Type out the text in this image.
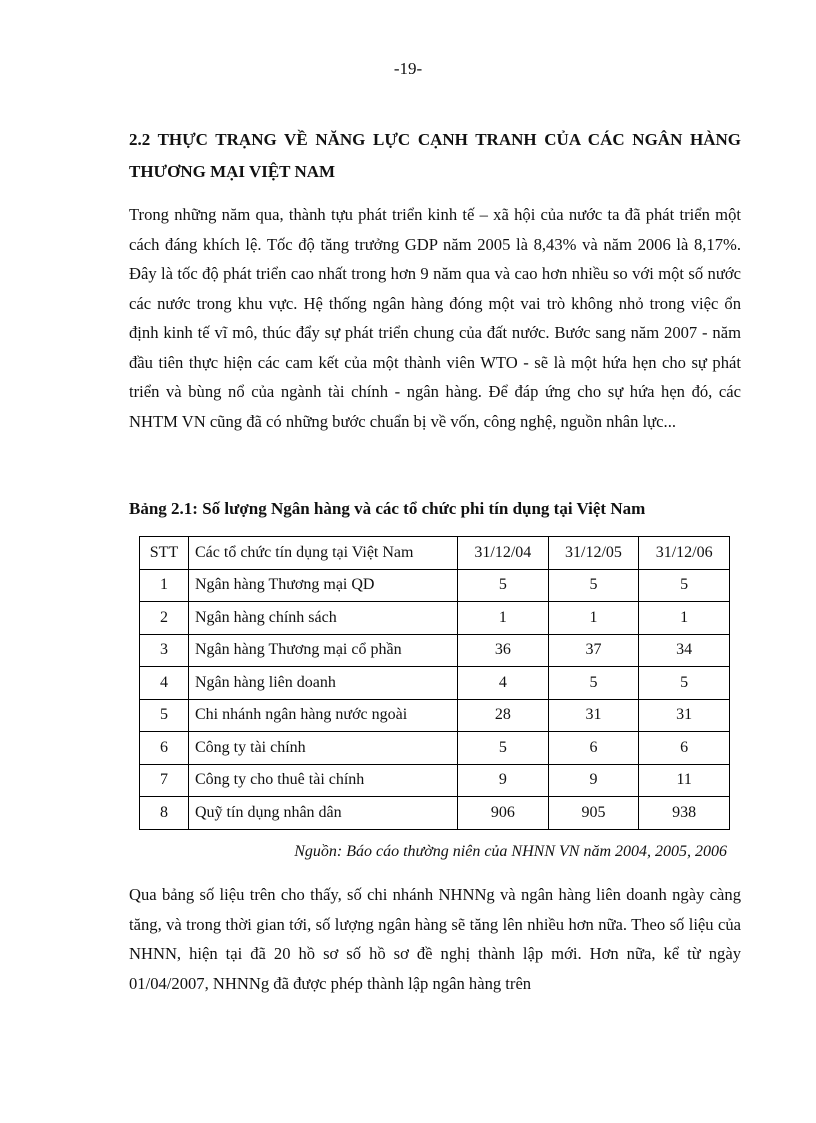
-19-
2.2 THỰC TRẠNG VỀ NĂNG LỰC CẠNH TRANH CỦA CÁC NGÂN HÀNG THƯƠNG MẠI VIỆT NAM

Trong những năm qua, thành tựu phát triển kinh tế – xã hội của nước ta đã phát triển một cách đáng khích lệ. Tốc độ tăng trưởng GDP năm 2005 là 8,43% và năm 2006 là 8,17%. Đây là tốc độ phát triển cao nhất trong hơn 9 năm qua và cao hơn nhiều so với một số nước các nước trong khu vực. Hệ thống ngân hàng đóng một vai trò không nhỏ trong việc ổn định kinh tế vĩ mô, thúc đẩy sự phát triển chung của đất nước. Bước sang năm 2007 - năm đầu tiên thực hiện các cam kết của một thành viên WTO - sẽ là một hứa hẹn cho sự phát triển và bùng nổ của ngành tài chính - ngân hàng. Để đáp ứng cho sự hứa hẹn đó, các NHTM VN cũng đã có những bước chuẩn bị về vốn, công nghệ, nguồn nhân lực...

Bảng 2.1: Số lượng Ngân hàng và các tổ chức phi tín dụng tại Việt Nam
STT	Các tổ chức tín dụng tại Việt Nam	31/12/04	31/12/05	31/12/06
1	Ngân hàng Thương mại QD	5	5	5
2	Ngân hàng chính sách	1	1	1
3	Ngân hàng Thương mại cổ phần	36	37	34
4	Ngân hàng liên doanh	4	5	5
5	Chi nhánh ngân hàng nước ngoài	28	31	31
6	Công ty tài chính	5	6	6
7	Công ty cho thuê tài chính	9	9	11
8	Quỹ tín dụng nhân dân	906	905	938
Nguồn: Báo cáo thường niên của NHNN VN năm 2004, 2005, 2006

Qua bảng số liệu trên cho thấy, số chi nhánh NHNNg và ngân hàng liên doanh ngày càng tăng, và trong thời gian tới, số lượng ngân hàng sẽ tăng lên nhiều hơn nữa. Theo số liệu của NHNN, hiện tại đã 20 hồ sơ số hồ sơ đề nghị thành lập mới. Hơn nữa, kể từ ngày 01/04/2007, NHNNg đã được phép thành lập ngân hàng trên
